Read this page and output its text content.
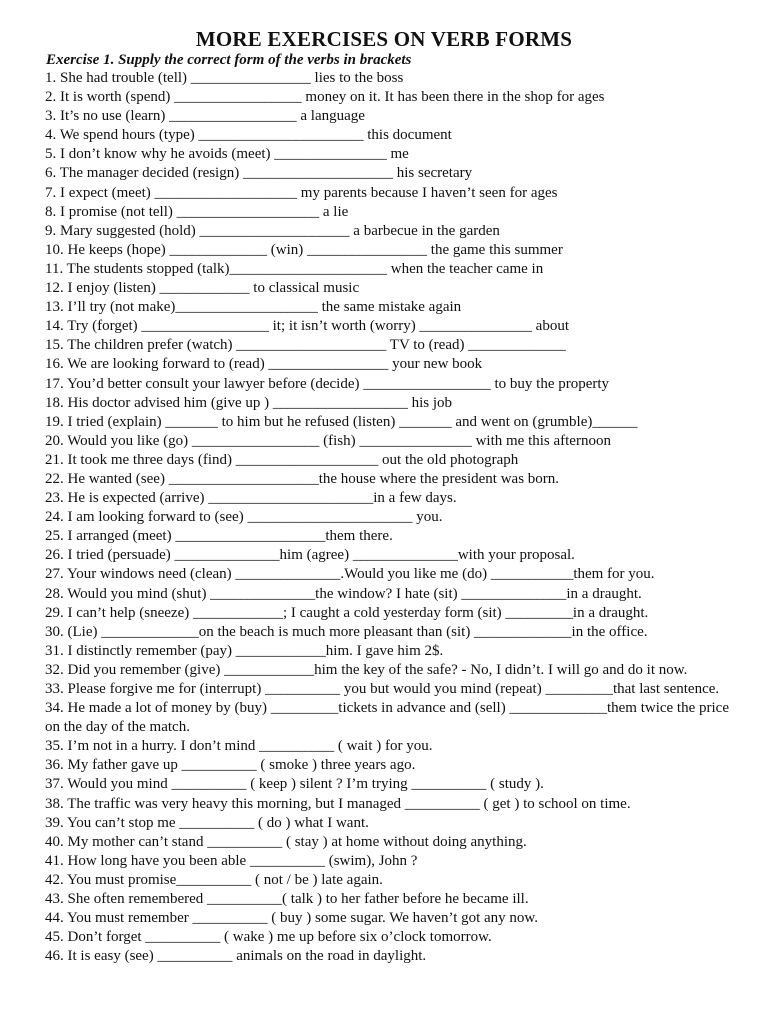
MORE EXERCISES ON VERB FORMS
Exercise 1. Supply the correct form of the verbs in brackets
1. She had trouble (tell) ________________ lies to the boss
2. It is worth (spend) _________________ money on it. It has been there in the shop for ages
3. It’s no use (learn) _________________ a language
4. We spend hours (type) ______________________ this document
5. I don’t know why he avoids (meet) _______________ me
6. The manager decided (resign) ____________________ his secretary
7. I expect (meet) ___________________ my parents because I haven’t seen for ages
8. I promise (not tell) ___________________ a lie
9. Mary suggested (hold) ____________________ a barbecue in the garden
10. He keeps (hope) _____________ (win) ________________ the game this summer
11. The students stopped (talk)_____________________ when the teacher came in
12. I enjoy (listen) ____________ to classical music
13. I’ll try (not make)___________________ the same mistake again
14. Try (forget) _________________ it; it isn’t worth (worry) _______________ about
15. The children prefer (watch) ____________________ TV to (read) _____________
16. We are looking forward to (read) ________________ your new book
17. You’d better consult your lawyer before (decide) _________________ to buy the property
18. His doctor advised him (give up ) __________________ his job
19. I tried (explain) _______ to him but he refused (listen) _______ and went on (grumble)______
20. Would you like (go) _________________ (fish) _______________ with me this afternoon
21. It took me three days (find) ___________________ out the old photograph
22. He wanted (see) ____________________the house where the president was born.
23. He is expected (arrive) ______________________in a few days.
24. I am looking forward to (see) ______________________ you.
25. I arranged (meet) ____________________them there.
26. I tried (persuade) ______________him (agree) ______________with your proposal.
27. Your windows need (clean) ______________.Would you like me (do) ___________them for you.
28. Would you mind (shut) ______________the window? I hate (sit) ______________in a draught.
29. I can’t help (sneeze) ____________; I caught a cold yesterday form (sit) _________in a draught.
30. (Lie) _____________on the beach is much more pleasant than (sit) _____________in the office.
31. I distinctly remember (pay) ____________him. I gave him 2$.
32. Did you remember (give) ____________him the key of the safe? - No, I didn’t. I will go and do it now.
33. Please forgive me for (interrupt) __________ you but would you mind (repeat) _________that last sentence.
34. He made a lot of money by (buy) _________tickets in advance and (sell) _____________them twice the price on the day of the match.
35. I’m not in a hurry. I don’t mind __________ ( wait ) for you.
36. My father gave up __________ ( smoke ) three years ago.
37. Would you mind __________ ( keep ) silent ? I’m trying __________ ( study ).
38. The traffic was very heavy this morning, but I managed __________ ( get ) to school on time.
39. You can’t stop me __________ ( do ) what I want.
40. My mother can’t stand __________ ( stay ) at home without doing anything.
41. How long have you been able __________ (swim), John ?
42. You must promise__________ ( not / be ) late again.
43. She often remembered __________( talk ) to her father before he became ill.
44. You must remember __________ ( buy ) some sugar. We haven’t got any now.
45. Don’t forget __________ ( wake ) me up before six o’clock tomorrow.
46. It is easy (see) __________ animals on the road in daylight.
